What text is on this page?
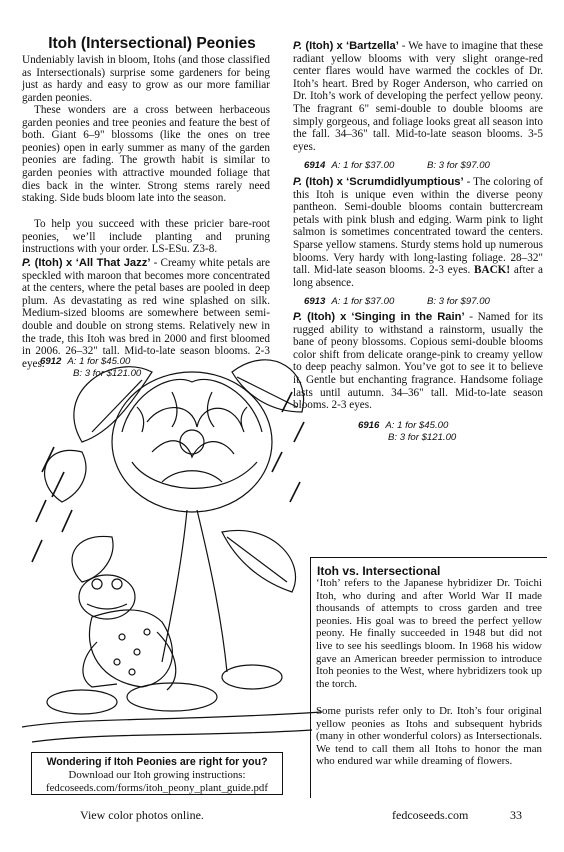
Itoh (Intersectional) Peonies

Undeniably lavish in bloom, Itohs (and those classified as Intersectionals) surprise some gardeners for being just as hardy and easy to grow as our more familiar garden peonies.

These wonders are a cross between herbaceous garden peonies and tree peonies and feature the best of both. Giant 6–9" blossoms (like the ones on tree peonies) open in early summer as many of the garden peonies are fading. The growth habit is similar to garden peonies with attractive mounded foliage that dies back in the winter. Strong stems rarely need staking. Side buds bloom late into the season.

To help you succeed with these pricier bare-root peonies, we’ll include planting and pruning instructions with your order. LS-ESu. Z3-8.

P. (Itoh) x ‘All That Jazz’ - Creamy white petals are speckled with maroon that becomes more concentrated at the centers, where the petal bases are pooled in deep plum. As devastating as red wine splashed on silk. Medium-sized blooms are somewhere between semi-double and double on strong stems. Relatively new in the trade, this Itoh was bred in 2000 and first bloomed in 2006. 26–32" tall. Mid-to-late season blooms. 2-3 eyes.

6912 A: 1 for $45.00
B: 3 for $121.00

P. (Itoh) x ‘Bartzella’ - We have to imagine that these radiant yellow blooms with very slight orange-red center flares would have warmed the cockles of Dr. Itoh’s heart. Bred by Roger Anderson, who carried on Dr. Itoh’s work of developing the perfect yellow peony. The fragrant 6" semi-double to double blooms are simply gorgeous, and foliage looks great all season into the fall. 34–36" tall. Mid-to-late season blooms. 3-5 eyes.

6914 A: 1 for $37.00	B: 3 for $97.00

P. (Itoh) x ‘Scrumdidlyumptious’ - The coloring of this Itoh is unique even within the diverse peony pantheon. Semi-double blooms contain buttercream petals with pink blush and edging. Warm pink to light salmon is sometimes concentrated toward the centers. Sparse yellow stamens. Sturdy stems hold up numerous blooms. Very hardy with long-lasting foliage. 28–32" tall. Mid-late season blooms. 2-3 eyes. BACK! after a long absence.

6913 A: 1 for $37.00	B: 3 for $97.00

P. (Itoh) x ‘Singing in the Rain’ - Named for its rugged ability to withstand a rainstorm, usually the bane of peony blossoms. Copious semi-double blooms color shift from delicate orange-pink to creamy yellow to deep peachy salmon. You’ve got to see it to believe it. Gentle but enchanting fragrance. Handsome foliage lasts until autumn. 34–36" tall. Mid-to-late season blooms. 2-3 eyes.

6916 A: 1 for $45.00
B: 3 for $121.00
Itoh vs. Intersectional

‘Itoh’ refers to the Japanese hybridizer Dr. Toichi Itoh, who during and after World War II made thousands of attempts to cross garden and tree peonies. His goal was to breed the perfect yellow peony. He finally succeeded in 1948 but did not live to see his seedlings bloom. In 1968 his widow gave an American breeder permission to introduce Itoh peonies to the West, where hybridizers took up the torch.

Some purists refer only to Dr. Itoh’s four original yellow peonies as Itohs and subsequent hybrids (many in other wonderful colors) as Intersectionals. We tend to call them all Itohs to honor the man who endured war while dreaming of flowers.

Wondering if Itoh Peonies are right for you?
Download our Itoh growing instructions:
fedcoseeds.com/forms/itoh_peony_plant_guide.pdf
View color photos online.	fedcoseeds.com	33
